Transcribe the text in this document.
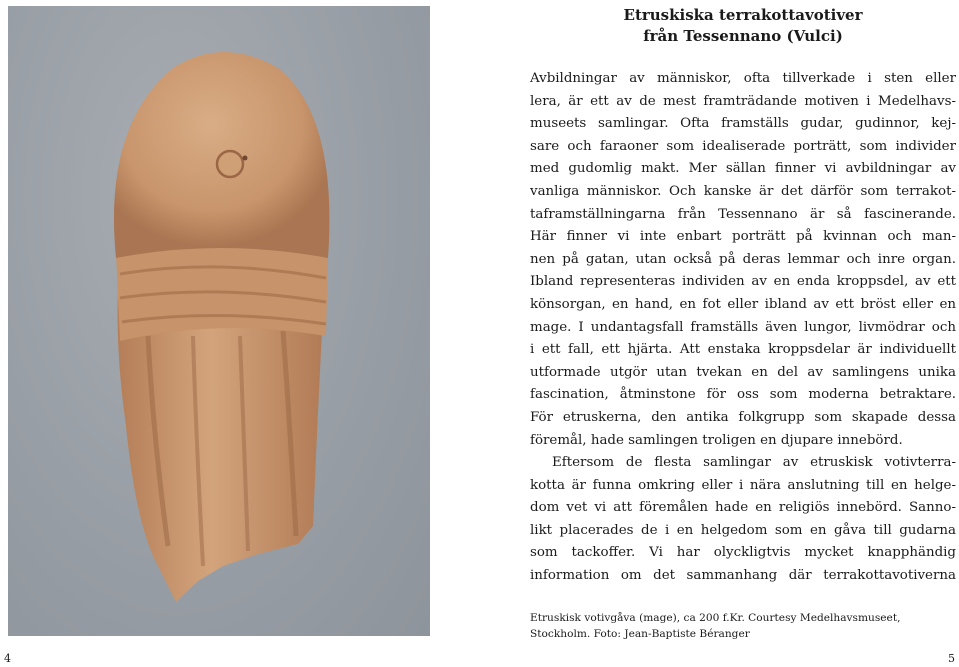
Etruskiska terrakottavotiver
från Tessennano (Vulci)
Avbildningar av människor, ofta tillverkade i sten eller
lera, är ett av de mest framträdande motiven i Medelhavs-
museets samlingar. Ofta framställs gudar, gudinnor, kej-
sare och faraoner som idealiserade porträtt, som individer
med gudomlig makt. Mer sällan finner vi avbildningar av
vanliga människor. Och kanske är det därför som terrakot-
taframställningarna från Tessennano är så fascinerande.
Här finner vi inte enbart porträtt på kvinnan och man-
nen på gatan, utan också på deras lemmar och inre organ.
Ibland representeras individen av en enda kroppsdel, av ett
könsorgan, en hand, en fot eller ibland av ett bröst eller en
mage. I undantagsfall framställs även lungor, livmödrar och
i ett fall, ett hjärta. Att enstaka kroppsdelar är individuellt
utformade utgör utan tvekan en del av samlingens unika
fascination, åtminstone för oss som moderna betraktare.
För etruskerna, den antika folkgrupp som skapade dessa
föremål, hade samlingen troligen en djupare innebörd.
Eftersom de flesta samlingar av etruskisk votivterra-
kotta är funna omkring eller i nära anslutning till en helge-
dom vet vi att föremålen hade en religiös innebörd. Sanno-
likt placerades de i en helgedom som en gåva till gudarna
som tackoffer. Vi har olyckligtvis mycket knapphändig
information om det sammanhang där terrakottavotiverna
Etruskisk votivgåva (mage), ca 200 f.Kr. Courtesy Medelhavsmuseet,
Stockholm. Foto: Jean-Baptiste Béranger
4	5
